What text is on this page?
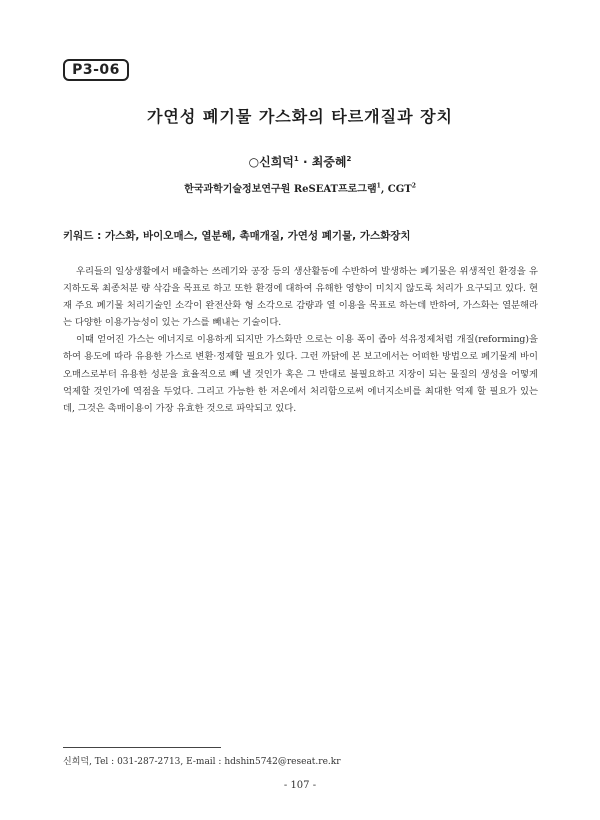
P3-06
가연성 폐기물 가스화의 타르개질과 장치
○신희덕$^1$ · 최중혜$^2$
한국과학기술정보연구원 ReSEAT프로그램$^1$, CGT$^2$
키워드 : 가스화, 바이오매스, 열분해, 촉매개질, 가연성 폐기물, 가스화장치

우리들의 일상생활에서 배출하는 쓰레기와 공장 등의 생산활동에 수반하여 발생하는 폐기물은 위생적인 환경을 유지하도록 최종처분 량 삭감을 목표로 하고 또한 환경에 대하여 유해한 영향이 미치지 않도록 처리가 요구되고 있다. 현재 주요 폐기물 처리기술인 소각이 완전산화 형 소각으로 감량과 열 이용을 목표로 하는데 반하여, 가스화는 열분해라는 다양한 이용가능성이 있는 가스를 빼내는 기술이다.

이때 얻어진 가스는 에너지로 이용하게 되지만 가스화만 으로는 이용 폭이 좁아 석유정제처럼 개질(reforming)을 하여 용도에 따라 유용한 가스로 변환·정제할 필요가 있다. 그런 까닭에 본 보고에서는 어떠한 방법으로 폐기물계 바이오매스로부터 유용한 성분을 효율적으로 빼 낼 것인가 혹은 그 반대로 불필요하고 지장이 되는 물질의 생성을 어떻게 억제할 것인가에 역점을 두었다. 그리고 가능한 한 저온에서 처리함으로써 에너지소비를 최대한 억제 할 필요가 있는데, 그것은 촉매이용이 가장 유효한 것으로 파악되고 있다.

신희덕, Tel : 031-287-2713, E-mail : hdshin5742@reseat.re.kr
- 107 -
